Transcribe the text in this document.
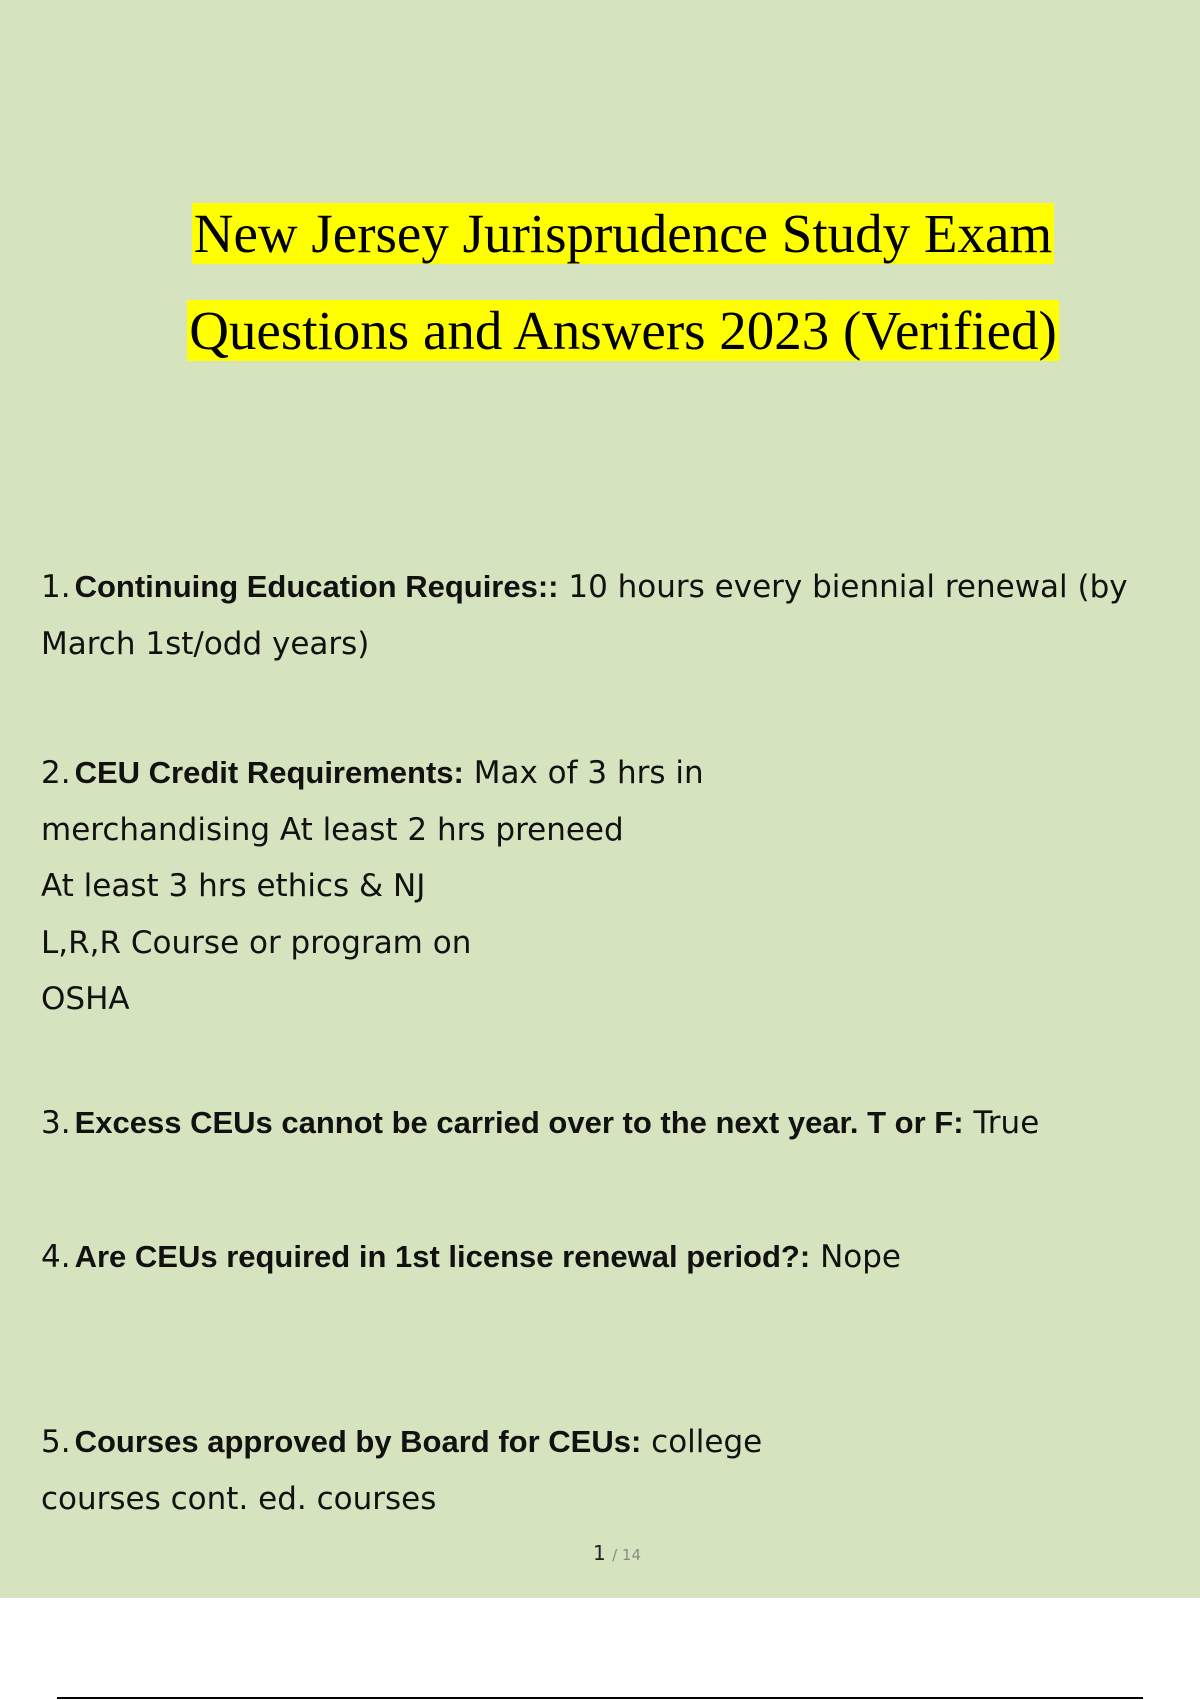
New Jersey Jurisprudence Study Exam
Questions and Answers 2023 (Verified)
1. Continuing Education Requires:: 10 hours every biennial renewal (by
March 1st/odd years)
2. CEU Credit Requirements: Max of 3 hrs in
merchandising At least 2 hrs preneed
At least 3 hrs ethics & NJ
L,R,R Course or program on
OSHA
3. Excess CEUs cannot be carried over to the next year. T or F: True
4. Are CEUs required in 1st license renewal period?: Nope
5. Courses approved by Board for CEUs: college
courses cont. ed. courses
1 / 14
